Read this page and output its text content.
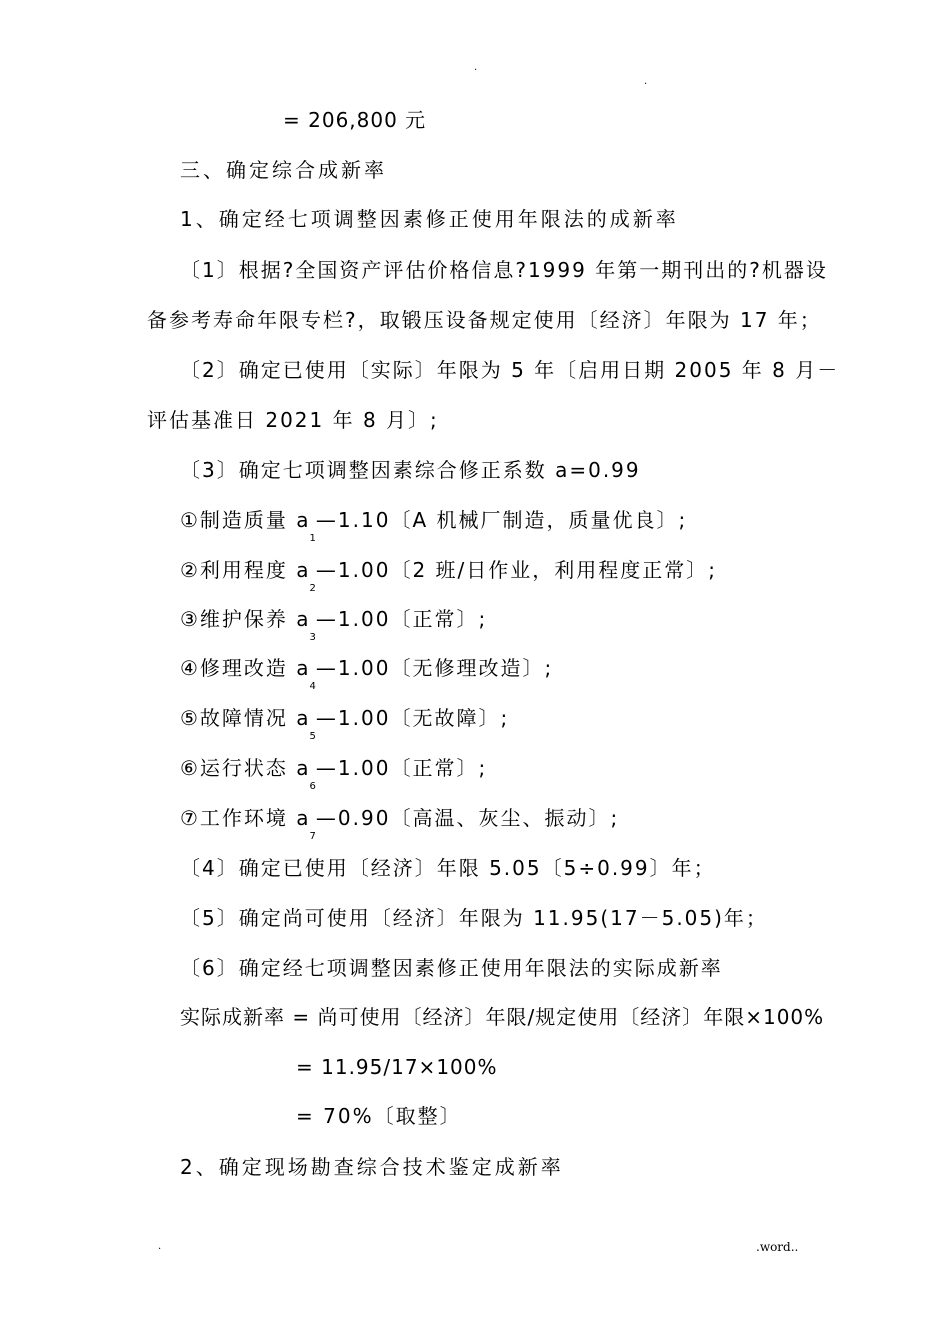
.
.
= 206,800 元
三、确定综合成新率
1、确定经七项调整因素修正使用年限法的成新率
〔1〕根据?全国资产评估价格信息?1999 年第一期刊出的?机器设
备参考寿命年限专栏?，取锻压设备规定使用〔经济〕年限为 17 年；
〔2〕确定已使用〔实际〕年限为 5 年〔启用日期 2005 年 8 月－
评估基准日 2021 年 8 月〕;
〔3〕确定七项调整因素综合修正系数 a=0.99
①制造质量 $a_1—1.10$〔A 机械厂制造，质量优良〕;
②利用程度 $a_2—1.00$〔2 班/日作业，利用程度正常〕;
③维护保养 $a_3—1.00$〔正常〕;
④修理改造 $a_4—1.00$〔无修理改造〕;
⑤故障情况 $a_5—1.00$〔无故障〕;
⑥运行状态 $a_6—1.00$〔正常〕;
⑦工作环境 $a_7—0.90$〔高温、灰尘、振动〕;
〔4〕确定已使用〔经济〕年限 5.05〔5÷0.99〕年；
〔5〕确定尚可使用〔经济〕年限为 11.95(17－5.05)年；
〔6〕确定经七项调整因素修正使用年限法的实际成新率
实际成新率 = 尚可使用〔经济〕年限/规定使用〔经济〕年限×100%
= 11.95/17×100%
= 70%〔取整〕
2、确定现场勘查综合技术鉴定成新率
.	.word..
